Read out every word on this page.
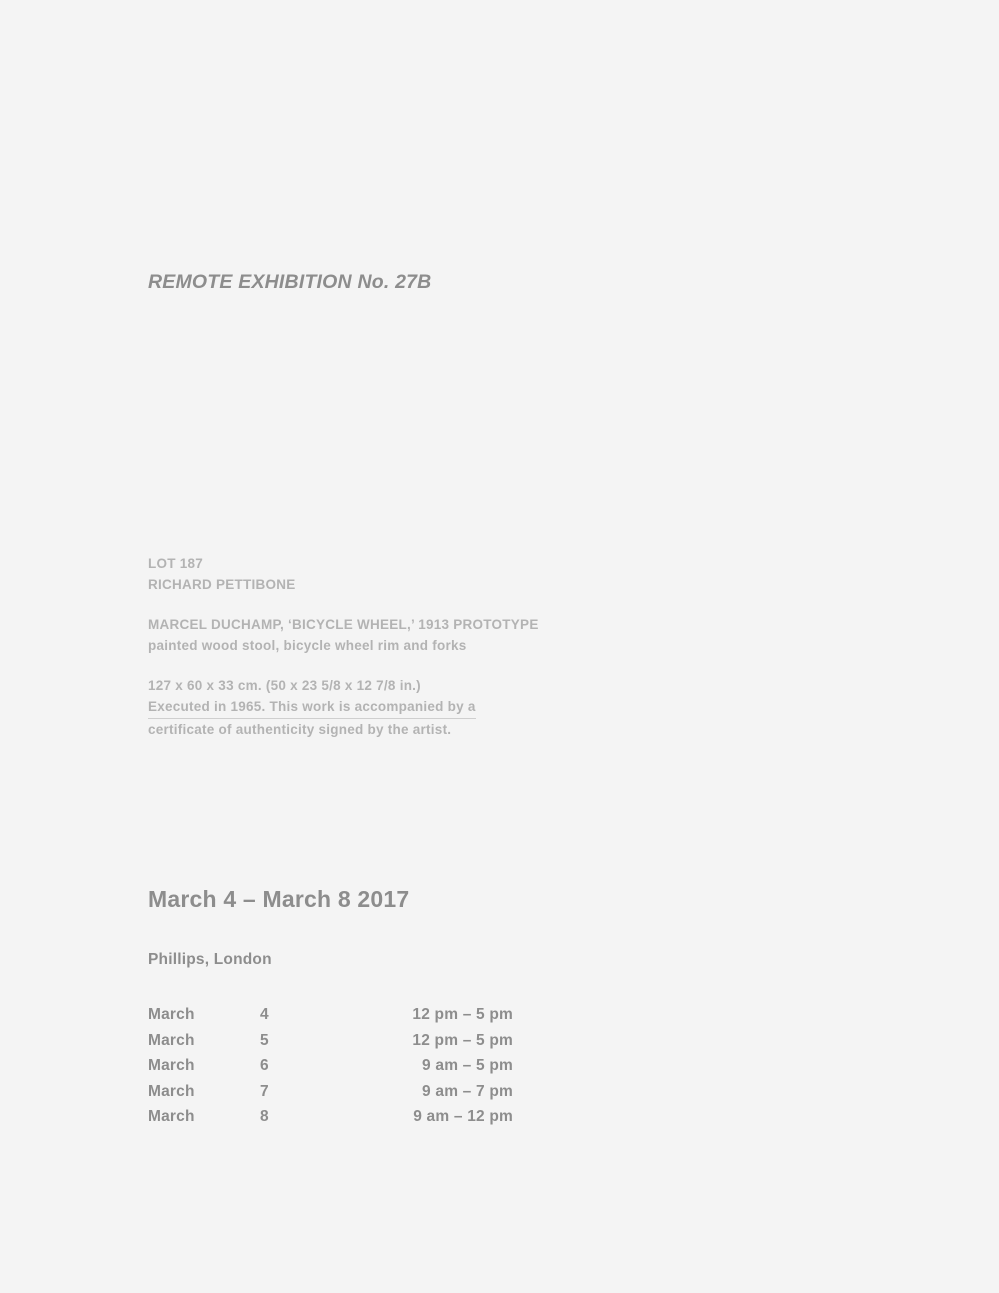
REMOTE EXHIBITION No. 27B
LOT 187
RICHARD PETTIBONE
MARCEL DUCHAMP, ‘BICYCLE WHEEL,’ 1913 PROTOTYPE
painted wood stool, bicycle wheel rim and forks
127 x 60 x 33 cm. (50 x 23 5/8 x 12 7/8 in.)
Executed in 1965. This work is accompanied by a
certificate of authenticity signed by the artist.
March 4 – March 8 2017
Phillips, London
March	4	12 pm – 5 pm
March	5	12 pm – 5 pm
March	6	9 am – 5 pm
March	7	9 am – 7 pm
March	8	9 am – 12 pm
